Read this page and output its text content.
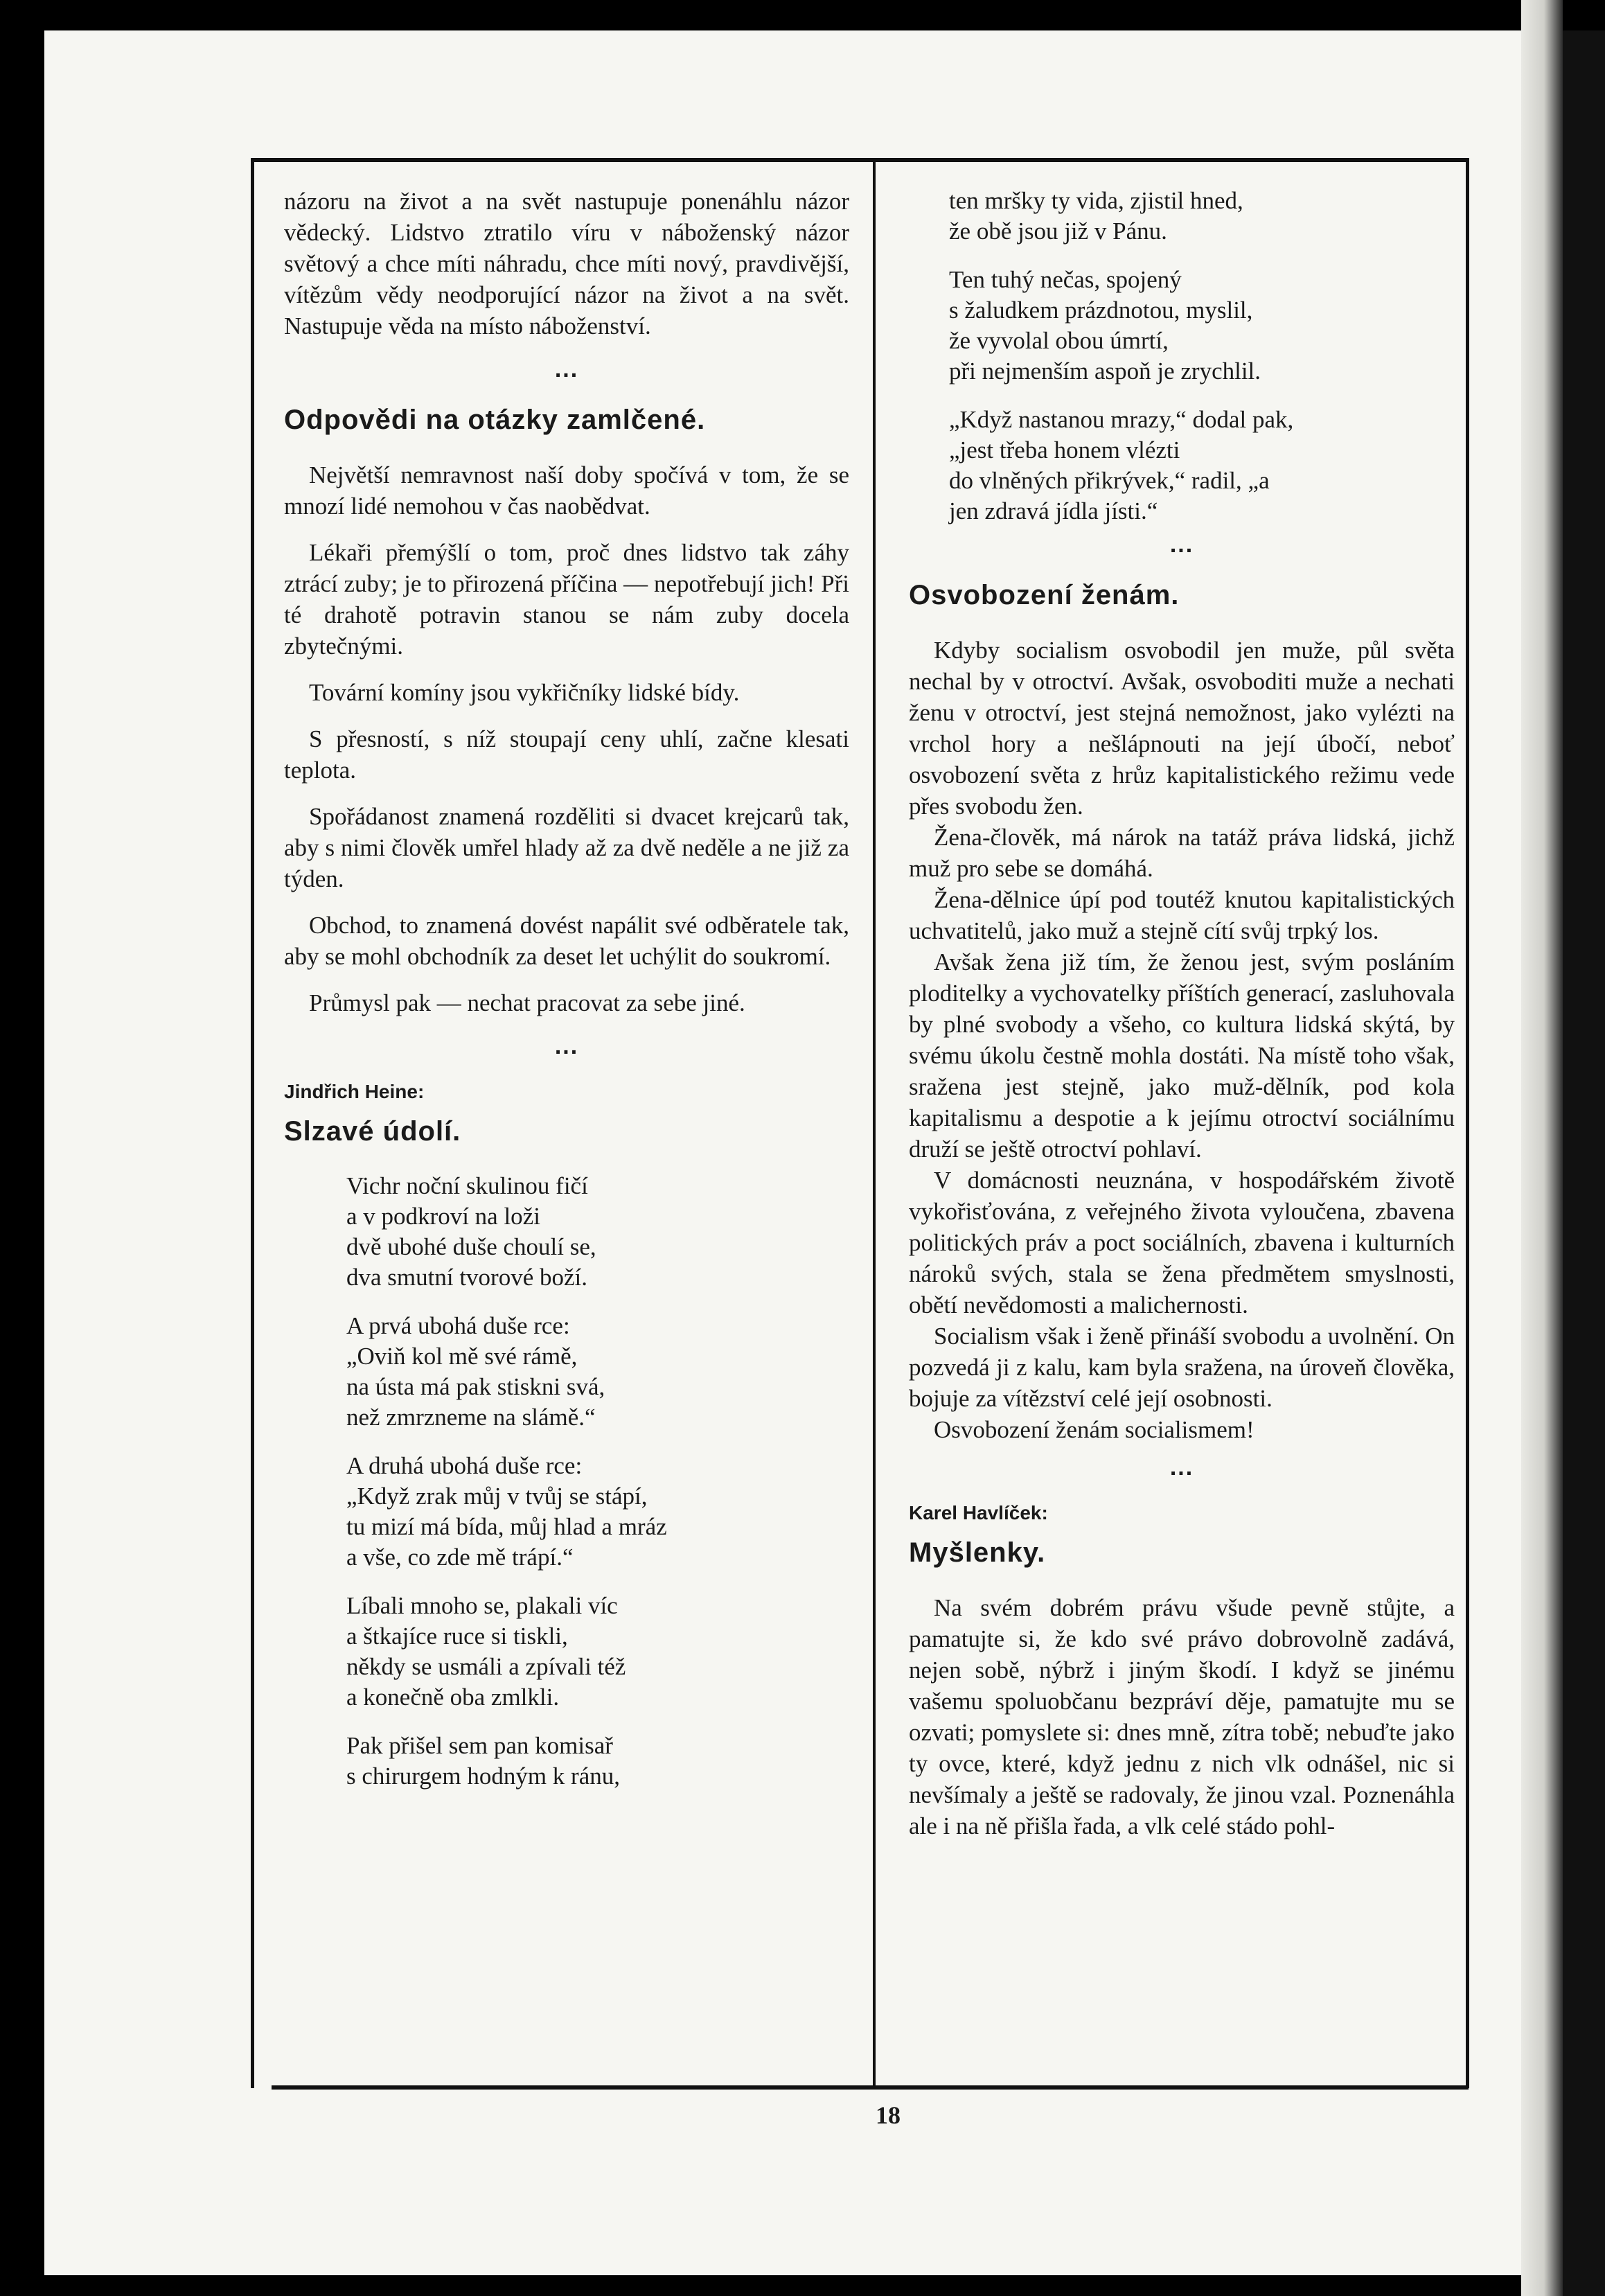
názoru na život a na svět nastupuje ponenáhlu názor vědecký. Lidstvo ztratilo víru v náboženský názor světový a chce míti náhradu, chce míti nový, pravdivější, vítězům vědy neodporující názor na život a na svět. Nastupuje věda na místo náboženství.

...
Odpovědi na otázky zamlčené.

Největší nemravnost naší doby spočívá v tom, že se mnozí lidé nemohou v čas naobědvat.

Lékaři přemýšlí o tom, proč dnes lidstvo tak záhy ztrácí zuby; je to přirozená příčina — nepotřebují jich! Při té drahotě potravin stanou se nám zuby docela zbytečnými.

Tovární komíny jsou vykřičníky lidské bídy.

S přesností, s níž stoupají ceny uhlí, začne klesati teplota.

Spořádanost znamená rozděliti si dvacet krejcarů tak, aby s nimi člověk umřel hlady až za dvě neděle a ne již za týden.

Obchod, to znamená dovést napálit své odběratele tak, aby se mohl obchodník za deset let uchýlit do soukromí.

Průmysl pak — nechat pracovat za sebe jiné.

...
Jindřich Heine:
Slzavé údolí.
Vichr noční skulinou fičí
a v podkroví na loži
dvě ubohé duše choulí se,
dva smutní tvorové boží.
A prvá ubohá duše rce:
„Oviň kol mě své rámě,
na ústa má pak stiskni svá,
než zmrzneme na slámě.“
A druhá ubohá duše rce:
„Když zrak můj v tvůj se stápí,
tu mizí má bída, můj hlad a mráz
a vše, co zde mě trápí.“
Líbali mnoho se, plakali víc
a štkajíce ruce si tiskli,
někdy se usmáli a zpívali též
a konečně oba zmlkli.
Pak přišel sem pan komisař
s chirurgem hodným k ránu,
ten mršky ty vida, zjistil hned,
že obě jsou již v Pánu.
Ten tuhý nečas, spojený
s žaludkem prázdnotou, myslil,
že vyvolal obou úmrtí,
při nejmenším aspoň je zrychlil.
„Když nastanou mrazy,“ dodal pak,
„jest třeba honem vlézti
do vlněných přikrývek,“ radil, „a
jen zdravá jídla jísti.“
...
Osvobození ženám.

Kdyby socialism osvobodil jen muže, půl světa nechal by v otroctví. Avšak, osvoboditi muže a nechati ženu v otroctví, jest stejná nemožnost, jako vylézti na vrchol hory a nešlápnouti na její úbočí, neboť osvobození světa z hrůz kapitalistického režimu vede přes svobodu žen.

Žena-člověk, má nárok na tatáž práva lidská, jichž muž pro sebe se domáhá.

Žena-dělnice úpí pod toutéž knutou kapitalistických uchvatitelů, jako muž a stejně cítí svůj trpký los.

Avšak žena již tím, že ženou jest, svým posláním ploditelky a vychovatelky příštích generací, zasluhovala by plné svobody a všeho, co kultura lidská skýtá, by svému úkolu čestně mohla dostáti. Na místě toho však, sražena jest stejně, jako muž-dělník, pod kola kapitalismu a despotie a k jejímu otroctví sociálnímu druží se ještě otroctví pohlaví.

V domácnosti neuznána, v hospodářském životě vykořisťována, z veřejného života vyloučena, zbavena politických práv a poct sociálních, zbavena i kulturních nároků svých, stala se žena předmětem smyslnosti, obětí nevědomosti a malichernosti.

Socialism však i ženě přináší svobodu a uvolnění. On pozvedá ji z kalu, kam byla sražena, na úroveň člověka, bojuje za vítězství celé její osobnosti.

Osvobození ženám socialismem!

...
Karel Havlíček:
Myšlenky.

Na svém dobrém právu všude pevně stůjte, a pamatujte si, že kdo své právo dobrovolně zadává, nejen sobě, nýbrž i jiným škodí. I když se jinému vašemu spoluobčanu bezpráví děje, pamatujte mu se ozvati; pomyslete si: dnes mně, zítra tobě; nebuďte jako ty ovce, které, když jednu z nich vlk odnášel, nic si nevšímaly a ještě se radovaly, že jinou vzal. Poznenáhla ale i na ně přišla řada, a vlk celé stádo pohl-

18
